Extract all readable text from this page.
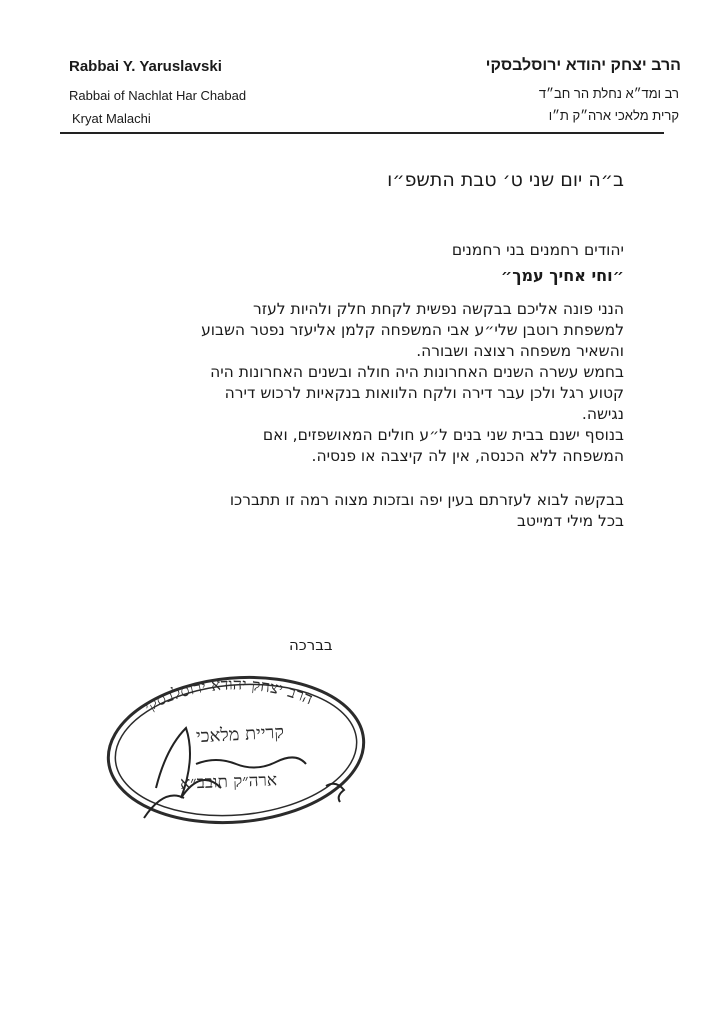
Rabbai Y. Yaruslavski
Rabbai of Nachlat Har Chabad
Kryat Malachi
הרב יצחק יהודא ירוסלבסקי
רב ומד״א נחלת הר חב״ד
קרית מלאכי ארה״ק ת״ו
ב״ה יום שני ט׳ טבת התשפ״ו
יהודים רחמנים בני רחמנים
״וחי אחיך עמך״
הנני פונה אליכם בבקשה נפשית לקחת חלק ולהיות לעזר
למשפחת רוטבן שלי״ע אבי המשפחה קלמן אליעזר נפטר השבוע
והשאיר משפחה רצוצה ושבורה.
בחמש עשרה השנים האחרונות היה חולה ובשנים האחרונות היה
קטוע רגל ולכן עבר דירה ולקח הלוואות בנקאיות לרכוש דירה
נגישה.
בנוסף ישנם בבית שני בנים ל״ע חולים המאושפזים, ואם
המשפחה ללא הכנסה, אין לה קיצבה או פנסיה.
בבקשה לבוא לעזרתם בעין יפה ובזכות מצוה רמה זו תתברכו
בכל מילי דמייטב
בברכה
הרב יצחק יהודא ירוסלבסקי
קריית מלאכי
ארה״ק תובב״א
